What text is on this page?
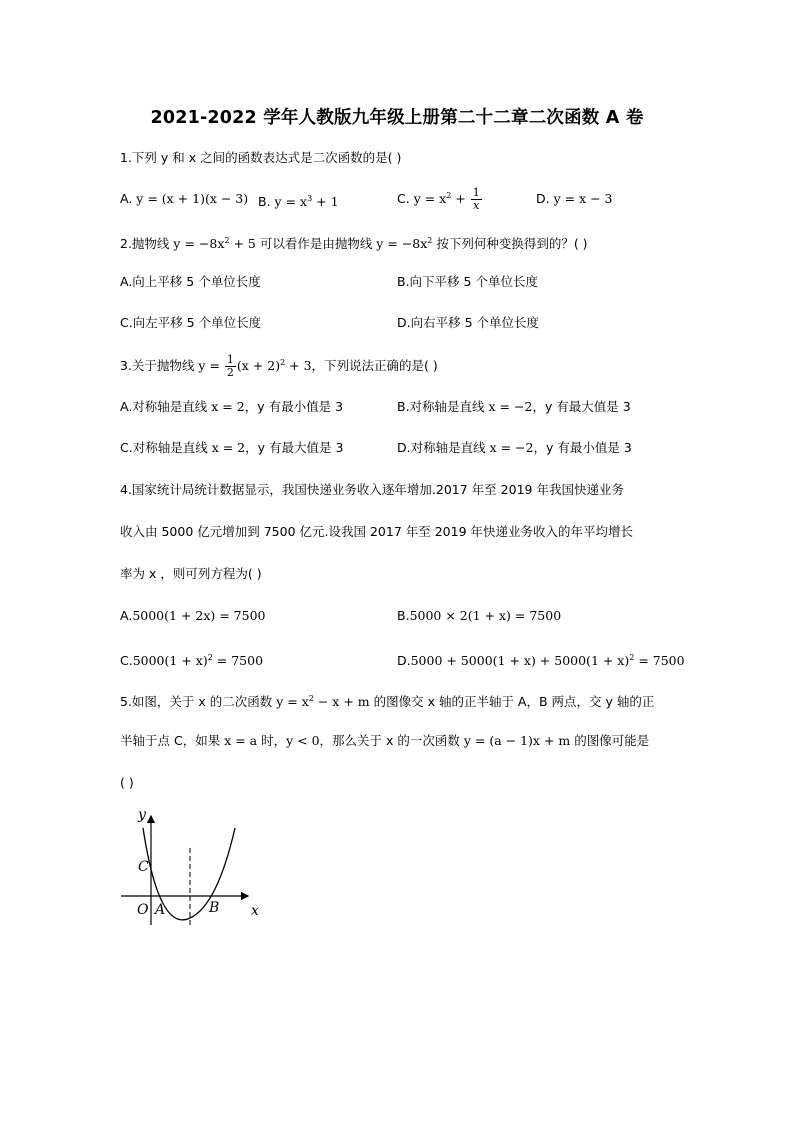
2021-2022 学年人教版九年级上册第二十二章二次函数 A 卷
1.下列 y 和 x 之间的函数表达式是二次函数的是( )
A. y = (x + 1)(x − 3) B. $y = x^3 + 1$	C. $y = x^2 + \frac{1}{x}$	D. y = x − 3
2.抛物线 $y = -8x^2 + 5$ 可以看作是由抛物线 $y = -8x^2$ 按下列何种变换得到的？( )
A.向上平移 5 个单位长度	B.向下平移 5 个单位长度
C.向左平移 5 个单位长度	D.向右平移 5 个单位长度
3.关于抛物线 $y = \frac{1}{2} (x + 2)^2 + 3$，下列说法正确的是( )
A.对称轴是直线 x = 2，y 有最小值是 3	B.对称轴是直线 x = −2，y 有最大值是 3
C.对称轴是直线 x = 2，y 有最大值是 3	D.对称轴是直线 x = −2，y 有最小值是 3
4.国家统计局统计数据显示，我国快递业务收入逐年增加.2017 年至 2019 年我国快递业务
收入由 5000 亿元增加到 7500 亿元.设我国 2017 年至 2019 年快递业务收入的年平均增长
率为 x ，则可列方程为( )
A.5000(1 + 2x) = 7500	B.5000 × 2(1 + x) = 7500
$C.5000(1 + x)^2 = 7500$	$D.5000 + 5000(1 + x) + 5000(1 + x)^2 = 7500$
5.如图，关于 x 的二次函数 $y = x^2 - x + m$ 的图像交 x 轴的正半轴于 A，B 两点，交 y 轴的正
半轴于点 C，如果 x = a 时，y < 0，那么关于 x 的一次函数 y = (a − 1)x + m 的图像可能是
( )
y
x
O A	B
C
